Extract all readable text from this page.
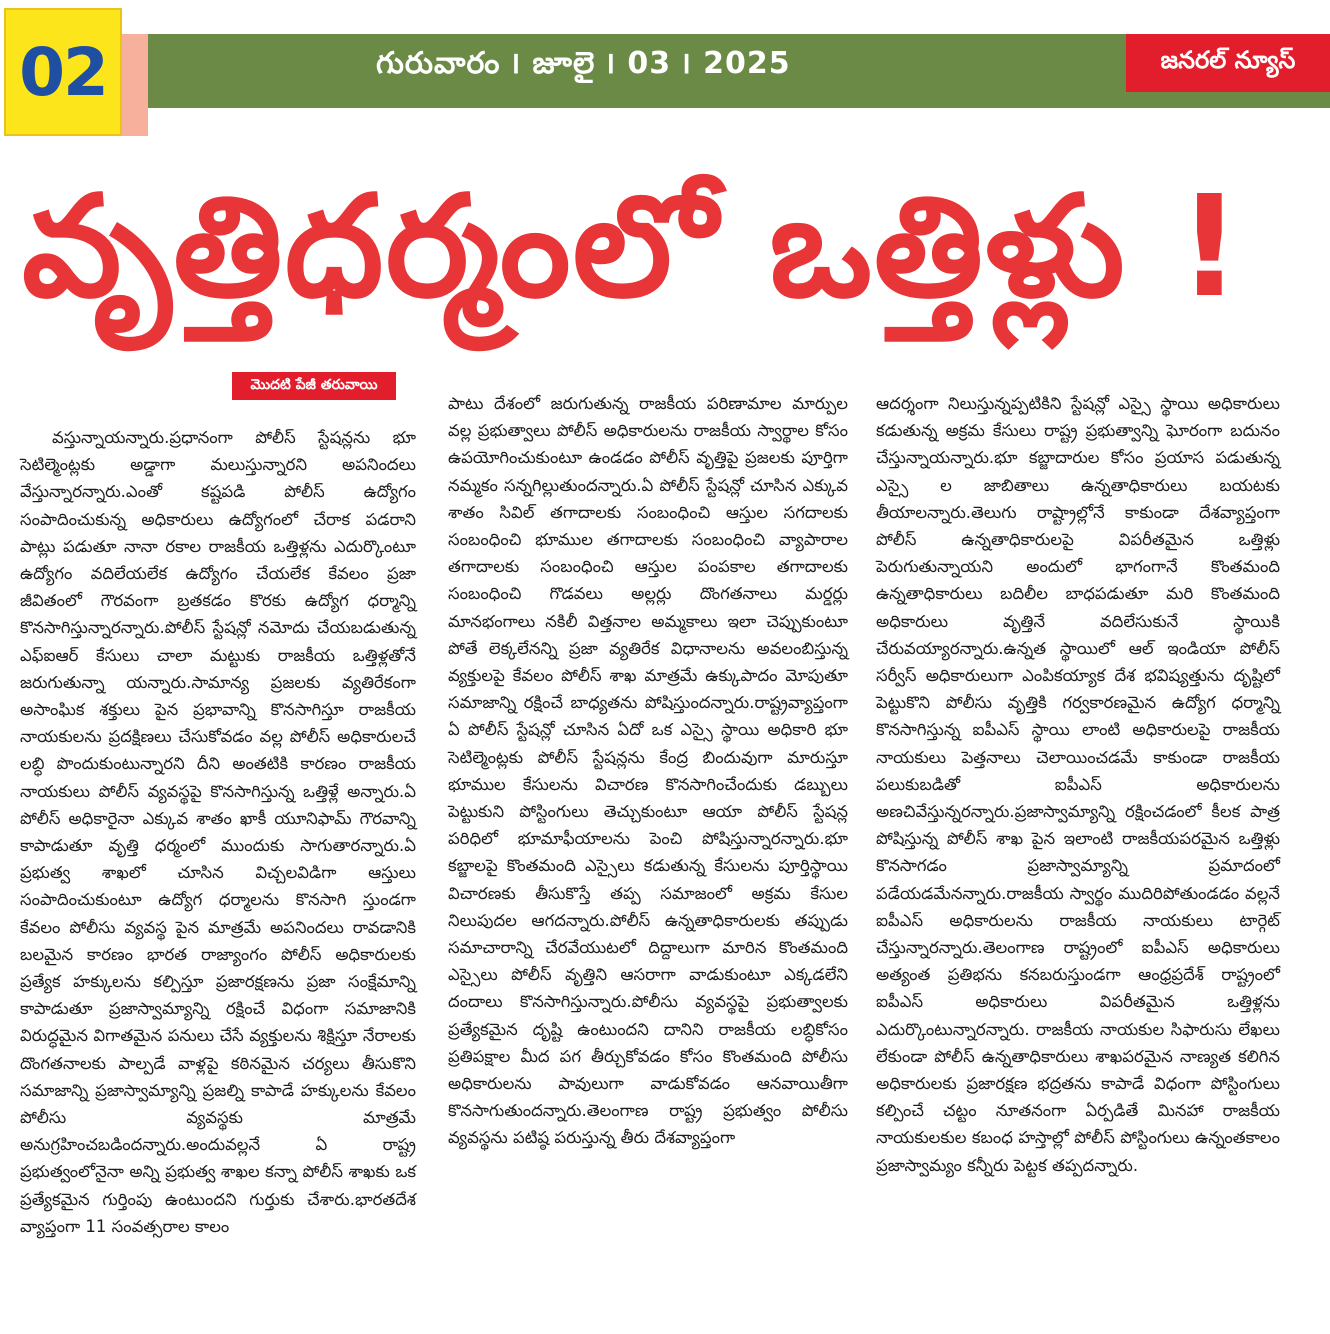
02	గురువారం ౹ జూలై ౹ 03 ౹ 2025	జనరల్ న్యూస్
వృత్తిధర్మంలో ఒత్తిళ్లు !
మొదటి పేజీ తరువాయి

వస్తున్నాయన్నారు.ప్రధానంగా పోలీస్ స్టేషన్లను భూ సెటిల్మెంట్లకు అడ్డాగా మలుస్తున్నారని అపనిందలు వేస్తున్నారన్నారు.ఎంతో కష్టపడి పోలీస్ ఉద్యోగం సంపాదించుకున్న అధికారులు ఉద్యోగంలో చేరాక పడరాని పాట్లు పడుతూ నానా రకాల రాజకీయ ఒత్తిళ్లను ఎదుర్కొంటూ ఉద్యోగం వదిలేయలేక ఉద్యోగం చేయలేక కేవలం ప్రజా జీవితంలో గౌరవంగా బ్రతకడం కొరకు ఉద్యోగ ధర్మాన్ని కొనసాగిస్తున్నారన్నారు.పోలీస్ స్టేషన్లో నమోదు చేయబడుతున్న ఎఫ్ఐఆర్ కేసులు చాలా మట్టుకు రాజకీయ ఒత్తిళ్లతోనే జరుగుతున్నా యన్నారు.సామాన్య ప్రజలకు వ్యతిరేకంగా అసాంఘిక శక్తులు పైన ప్రభావాన్ని కొనసాగిస్తూ రాజకీయ నాయకులను ప్రదక్షిణలు చేసుకోవడం వల్ల పోలీస్ అధికారులచే లబ్ధి పొందుకుంటున్నారని దీని అంతటికి కారణం రాజకీయ నాయకులు పోలీస్ వ్యవస్థపై కొనసాగిస్తున్న ఒత్తిళ్లే అన్నారు.ఏ పోలీస్ అధికారైనా ఎక్కువ శాతం ఖాకీ యూనిఫామ్ గౌరవాన్ని కాపాడుతూ వృత్తి ధర్మంలో ముందుకు సాగుతారన్నారు.ఏ ప్రభుత్వ శాఖలో చూసిన విచ్చలవిడిగా ఆస్తులు సంపాదించుకుంటూ ఉద్యోగ ధర్మాలను కొనసాగి స్తుండగా కేవలం పోలీసు వ్యవస్థ పైన మాత్రమే అపనిందలు రావడానికి బలమైన కారణం భారత రాజ్యాంగం పోలీస్ అధికారులకు ప్రత్యేక హక్కులను కల్పిస్తూ ప్రజారక్షణను ప్రజా సంక్షేమాన్ని కాపాడుతూ ప్రజాస్వామ్యాన్ని రక్షించే విధంగా సమాజానికి విరుద్ధమైన విగాతమైన పనులు చేసే వ్యక్తులను శిక్షిస్తూ నేరాలకు దొంగతనాలకు పాల్పడే వాళ్లపై కఠినమైన చర్యలు తీసుకొని సమాజాన్ని ప్రజాస్వామ్యాన్ని ప్రజల్ని కాపాడే హక్కులను కేవలం పోలీసు వ్యవస్థకు మాత్రమే అనుగ్రహించబడిందన్నారు.అందువల్లనే ఏ రాష్ట్ర ప్రభుత్వంలోనైనా అన్ని ప్రభుత్వ శాఖల కన్నా పోలీస్ శాఖకు ఒక ప్రత్యేకమైన గుర్తింపు ఉంటుందని గుర్తుకు చేశారు.భారతదేశ వ్యాప్తంగా 11 సంవత్సరాల కాలం

పాటు దేశంలో జరుగుతున్న రాజకీయ పరిణామాల మార్పుల వల్ల ప్రభుత్వాలు పోలీస్ అధికారులను రాజకీయ స్వార్థాల కోసం ఉపయోగించుకుంటూ ఉండడం పోలీస్ వృత్తిపై ప్రజలకు పూర్తిగా నమ్మకం సన్నగిల్లుతుందన్నారు.ఏ పోలీస్ స్టేషన్లో చూసిన ఎక్కువ శాతం సివిల్ తగాదాలకు సంబంధించి ఆస్తుల సగదాలకు సంబంధించి భూముల తగాదాలకు సంబంధించి వ్యాపారాల తగాదాలకు సంబంధించి ఆస్తుల పంపకాల తగాదాలకు సంబంధించి గొడవలు అల్లర్లు దొంగతనాలు మర్డర్లు మానభంగాలు నకిలీ విత్తనాల అమ్మకాలు ఇలా చెప్పుకుంటూ పోతే లెక్కలేనన్ని ప్రజా వ్యతిరేక విధానాలను అవలంబిస్తున్న వ్యక్తులపై కేవలం పోలీస్ శాఖ మాత్రమే ఉక్కుపాదం మోపుతూ సమాజాన్ని రక్షించే బాధ్యతను పోషిస్తుందన్నారు.రాష్ట్రవ్యాప్తంగా ఏ పోలీస్ స్టేషన్లో చూసిన ఏదో ఒక ఎస్సై స్థాయి అధికారి భూ సెటిల్మెంట్లకు పోలీస్ స్టేషన్లను కేంద్ర బిందువుగా మారుస్తూ భూముల కేసులను విచారణ కొనసాగించేందుకు డబ్బులు పెట్టుకుని పోస్టింగులు తెచ్చుకుంటూ ఆయా పోలీస్ స్టేషన్ల పరిధిలో భూమాఫీయాలను పెంచి పోషిస్తున్నారన్నారు.భూ కబ్జాలపై కొంతమంది ఎస్సైలు కడుతున్న కేసులను పూర్తిస్థాయి విచారణకు తీసుకొస్తే తప్ప సమాజంలో అక్రమ కేసుల నిలుపుదల ఆగదన్నారు.పోలీస్ ఉన్నతాధికారులకు తప్పుడు సమాచారాన్ని చేరవేయుటలో దిద్దాలుగా మారిన కొంతమంది ఎస్సైలు పోలీస్ వృత్తిని ఆసరాగా వాడుకుంటూ ఎక్కడలేని దందాలు కొనసాగిస్తున్నారు.పోలీసు వ్యవస్థపై ప్రభుత్వాలకు ప్రత్యేకమైన దృష్టి ఉంటుందని దానిని రాజకీయ లబ్ధికోసం ప్రతిపక్షాల మీద పగ తీర్చుకోవడం కోసం కొంతమంది పోలీసు అధికారులను పావులుగా వాడుకోవడం ఆనవాయితీగా కొనసాగుతుందన్నారు.తెలంగాణ రాష్ట్ర ప్రభుత్వం పోలీసు వ్యవస్థను పటిష్ఠ పరుస్తున్న తీరు దేశవ్యాప్తంగా

ఆదర్శంగా నిలుస్తున్నప్పటికిని స్టేషన్లో ఎస్సై స్థాయి అధికారులు కడుతున్న అక్రమ కేసులు రాష్ట్ర ప్రభుత్వాన్ని ఘోరంగా బదునం చేస్తున్నాయన్నారు.భూ కబ్జాదారుల కోసం ప్రయాస పడుతున్న ఎస్సై ల జాబితాలు ఉన్నతాధికారులు బయటకు తీయాలన్నారు.తెలుగు రాష్ట్రాల్లోనే కాకుండా దేశవ్యాప్తంగా పోలీస్ ఉన్నతాధికారులపై విపరీతమైన ఒత్తిళ్లు పెరుగుతున్నాయని అందులో భాగంగానే కొంతమంది ఉన్నతాధికారులు బదిలీల బాధపడుతూ మరి కొంతమంది అధికారులు వృత్తినే వదిలేసుకునే స్థాయికి చేరువయ్యారన్నారు.ఉన్నత స్థాయిలో ఆల్ ఇండియా పోలీస్ సర్వీస్ అధికారులుగా ఎంపికయ్యాక దేశ భవిష్యత్తును దృష్టిలో పెట్టుకొని పోలీసు వృత్తికి గర్వకారణమైన ఉద్యోగ ధర్మాన్ని కొనసాగిస్తున్న ఐపీఎస్ స్థాయి లాంటి అధికారులపై రాజకీయ నాయకులు పెత్తనాలు చెలాయించడమే కాకుండా రాజకీయ పలుకుబడితో ఐపీఎస్ అధికారులను అణచివేస్తున్నరన్నారు.ప్రజాస్వామ్యాన్ని రక్షించడంలో కీలక పాత్ర పోషిస్తున్న పోలీస్ శాఖ పైన ఇలాంటి రాజకీయపరమైన ఒత్తిళ్లు కొనసాగడం ప్రజాస్వామ్యాన్ని ప్రమాదంలో పడేయడమేనన్నారు.రాజకీయ స్వార్థం ముదిరిపోతుండడం వల్లనే ఐపీఎస్ అధికారులను రాజకీయ నాయకులు టార్గెట్ చేస్తున్నారన్నారు.తెలంగాణ రాష్ట్రంలో ఐపీఎస్ అధికారులు అత్యంత ప్రతిభను కనబరుస్తుండగా ఆంధ్రప్రదేశ్ రాష్ట్రంలో ఐపీఎస్ అధికారులు విపరీతమైన ఒత్తిళ్లను ఎదుర్కొంటున్నారన్నారు. రాజకీయ నాయకుల సిఫారుసు లేఖలు లేకుండా పోలీస్ ఉన్నతాధికారులు శాఖపరమైన నాణ్యత కలిగిన అధికారులకు ప్రజారక్షణ భద్రతను కాపాడే విధంగా పోస్టింగులు కల్పించే చట్టం నూతనంగా ఏర్పడితే మినహా రాజకీయ నాయకులకుల కబంధ హస్తాల్లో పోలీస్ పోస్టింగులు ఉన్నంతకాలం ప్రజాస్వామ్యం కన్నీరు పెట్టక తప్పదన్నారు.
